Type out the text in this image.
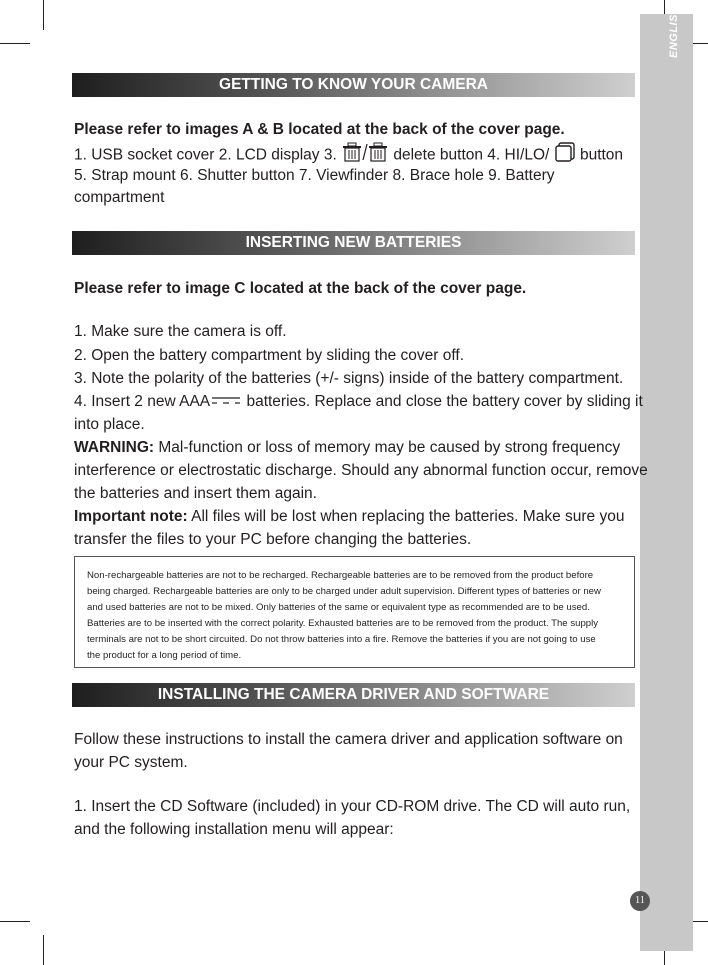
ENGLISH
11
GETTING TO KNOW YOUR CAMERA
Please refer to images A & B located at the back of the cover page.
1. USB socket cover 2. LCD display 3.	delete button 4. HI/LO/  button
5. Strap mount 6. Shutter button 7. Viewfinder 8. Brace hole 9. Battery
compartment
INSERTING NEW BATTERIES
Please refer to image C located at the back of the cover page.
1. Make sure the camera is off.
2. Open the battery compartment by sliding the cover off.
3. Note the polarity of the batteries (+/- signs) inside of the battery compartment.
4. Insert 2 new AAA batteries. Replace and close the battery cover by sliding it
into place.
WARNING: Mal-function or loss of memory may be caused by strong frequency
interference or electrostatic discharge. Should any abnormal function occur, remove
the batteries and insert them again.
Important note: All files will be lost when replacing the batteries. Make sure you
transfer the files to your PC before changing the batteries.
Non-rechargeable batteries are not to be recharged. Rechargeable batteries are to be removed from the product before
being charged. Rechargeable batteries are only to be charged under adult supervision. Different types of batteries or new
and used batteries are not to be mixed. Only batteries of the same or equivalent type as recommended are to be used.
Batteries are to be inserted with the correct polarity. Exhausted batteries are to be removed from the product. The supply
terminals are not to be short circuited. Do not throw batteries into a fire. Remove the batteries if you are not going to use
the product for a long period of time.
INSTALLING THE CAMERA DRIVER AND SOFTWARE
Follow these instructions to install the camera driver and application software on
your PC system.
1. Insert the CD Software (included) in your CD-ROM drive. The CD will auto run,
and the following installation menu will appear:
